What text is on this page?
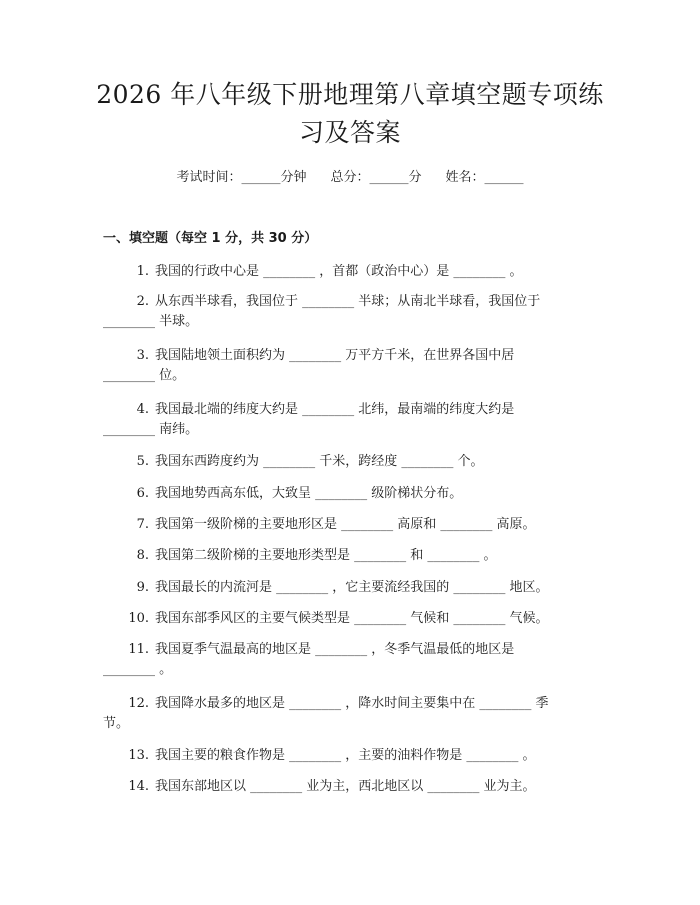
2026 年八年级下册地理第八章填空题专项练
习及答案
考试时间：______分钟 总分：______分 姓名：______
一、填空题（每空 1 分，共 30 分）
1. 我国的行政中心是 ________ ，首都（政治中心）是 ________ 。
2. 从东西半球看，我国位于 ________ 半球；从南北半球看，我国位于
________ 半球。
3. 我国陆地领土面积约为 ________ 万平方千米，在世界各国中居
________ 位。
4. 我国最北端的纬度大约是 ________ 北纬，最南端的纬度大约是
________ 南纬。
5. 我国东西跨度约为 ________ 千米，跨经度 ________ 个。
6. 我国地势西高东低，大致呈 ________ 级阶梯状分布。
7. 我国第一级阶梯的主要地形区是 ________ 高原和 ________ 高原。
8. 我国第二级阶梯的主要地形类型是 ________ 和 ________ 。
9. 我国最长的内流河是 ________ ，它主要流经我国的 ________ 地区。
10. 我国东部季风区的主要气候类型是 ________ 气候和 ________ 气候。
11. 我国夏季气温最高的地区是 ________ ，冬季气温最低的地区是
________ 。
12. 我国降水最多的地区是 ________ ，降水时间主要集中在 ________ 季
节。
13. 我国主要的粮食作物是 ________ ，主要的油料作物是 ________ 。
14. 我国东部地区以 ________ 业为主，西北地区以 ________ 业为主。
